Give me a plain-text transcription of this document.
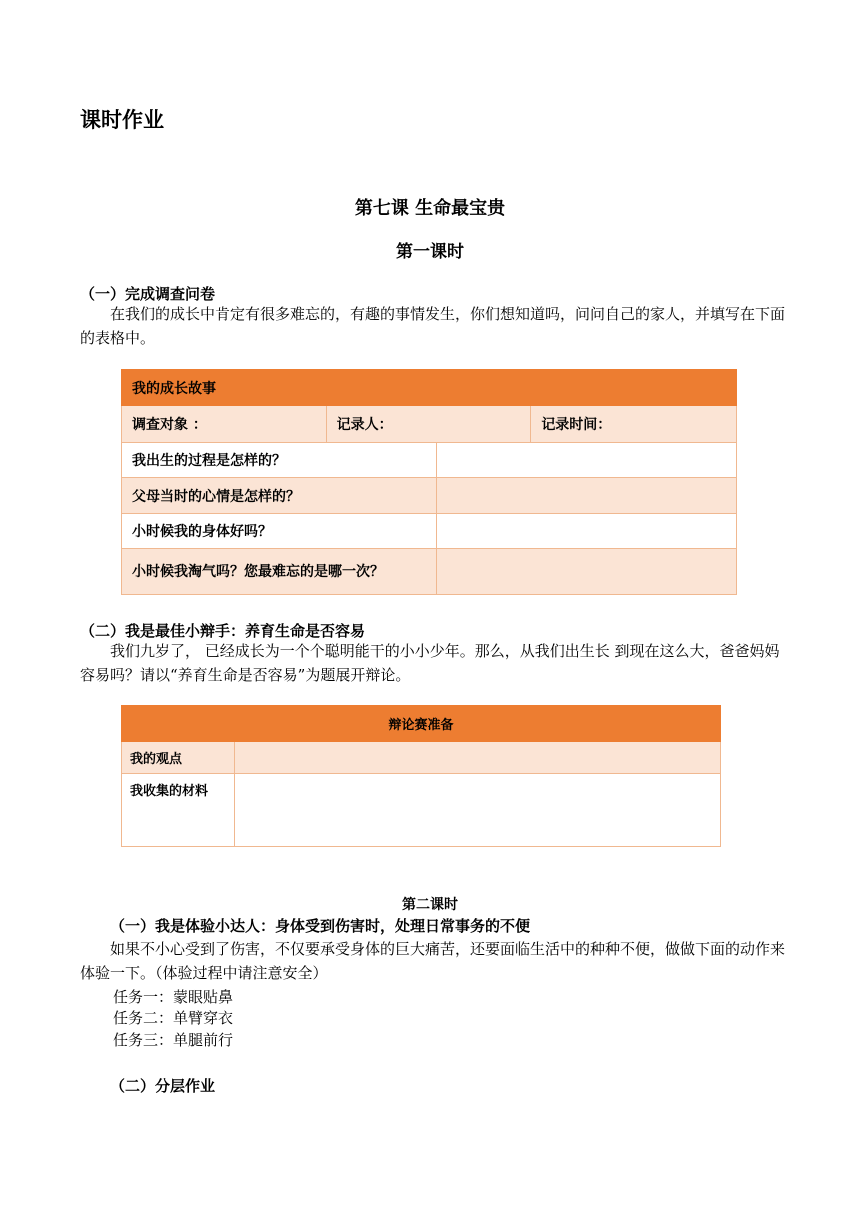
课时作业
第七课 生命最宝贵
第一课时
（一）完成调查问卷
在我们的成长中肯定有很多难忘的，有趣的事情发生，你们想知道吗，问问自己的家人，并填写在下面的表格中。
我的成长故事			
调查对象 ：	记录人：		记录时间：
我出生的过程是怎样的？			
父母当时的心情是怎样的？			
小时候我的身体好吗？			
小时候我淘气吗？您最难忘的是哪一次？			
（二）我是最佳小辩手：养育生命是否容易
我们九岁了， 已经成长为一个个聪明能干的小小少年。那么，从我们出生长 到现在这么大，爸爸妈妈容易吗？请以“养育生命是否容易”为题展开辩论。
辩论赛准备	
我的观点	
我收集的材料	
第二课时
（一）我是体验小达人：身体受到伤害时，处理日常事务的不便
如果不小心受到了伤害，不仅要承受身体的巨大痛苦，还要面临生活中的种种不便，做做下面的动作来体验一下。（体验过程中请注意安全）
任务一：蒙眼贴鼻
任务二：单臂穿衣
任务三：单腿前行
（二）分层作业
